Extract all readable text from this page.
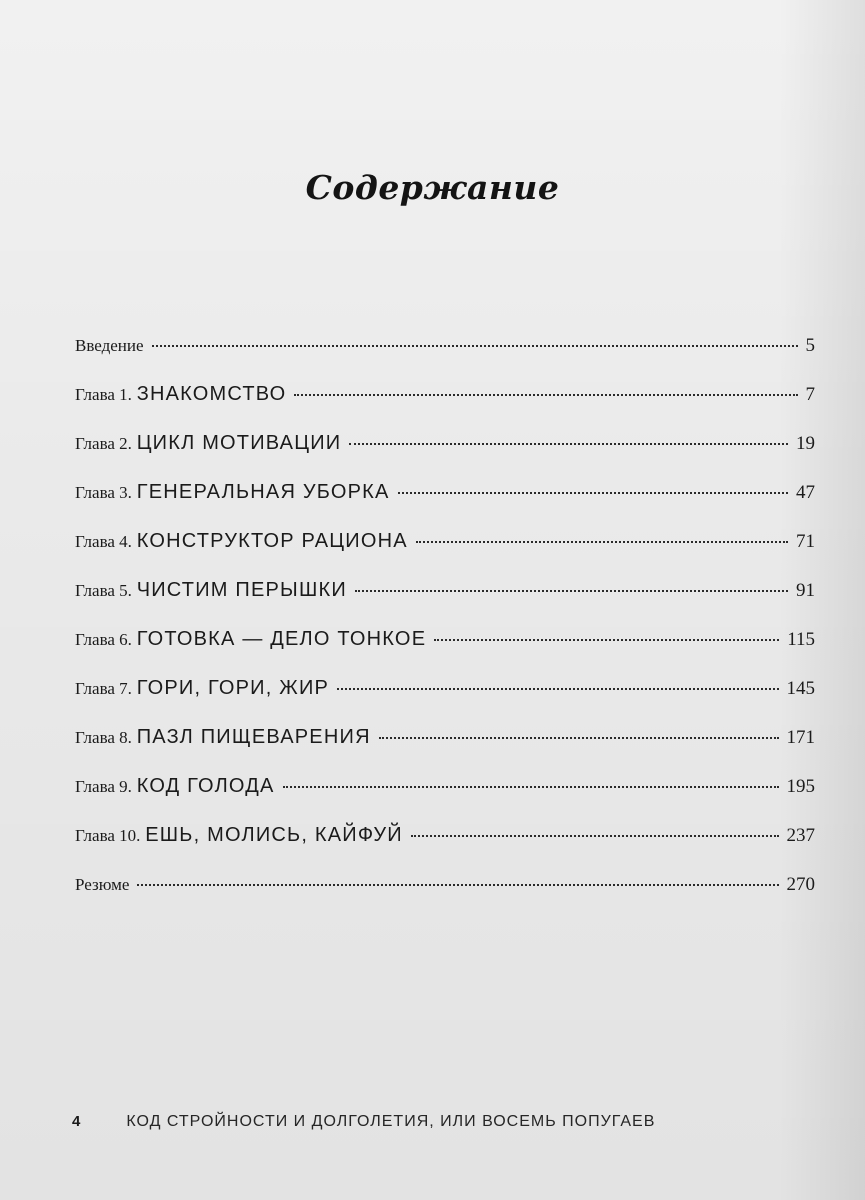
Содержание
Введение	5
Глава 1. ЗНАКОМСТВО	7
Глава 2. ЦИКЛ МОТИВАЦИИ	19
Глава 3. ГЕНЕРАЛЬНАЯ УБОРКА	47
Глава 4. КОНСТРУКТОР РАЦИОНА	71
Глава 5. ЧИСТИМ ПЕРЫШКИ	91
Глава 6. ГОТОВКА — ДЕЛО ТОНКОЕ	115
Глава 7. ГОРИ, ГОРИ, ЖИР	145
Глава 8. ПАЗЛ ПИЩЕВАРЕНИЯ	171
Глава 9. КОД ГОЛОДА	195
Глава 10. ЕШЬ, МОЛИСЬ, КАЙФУЙ	237
Резюме	270
4	КОД СТРОЙНОСТИ И ДОЛГОЛЕТИЯ, ИЛИ ВОСЕМЬ ПОПУГАЕВ
